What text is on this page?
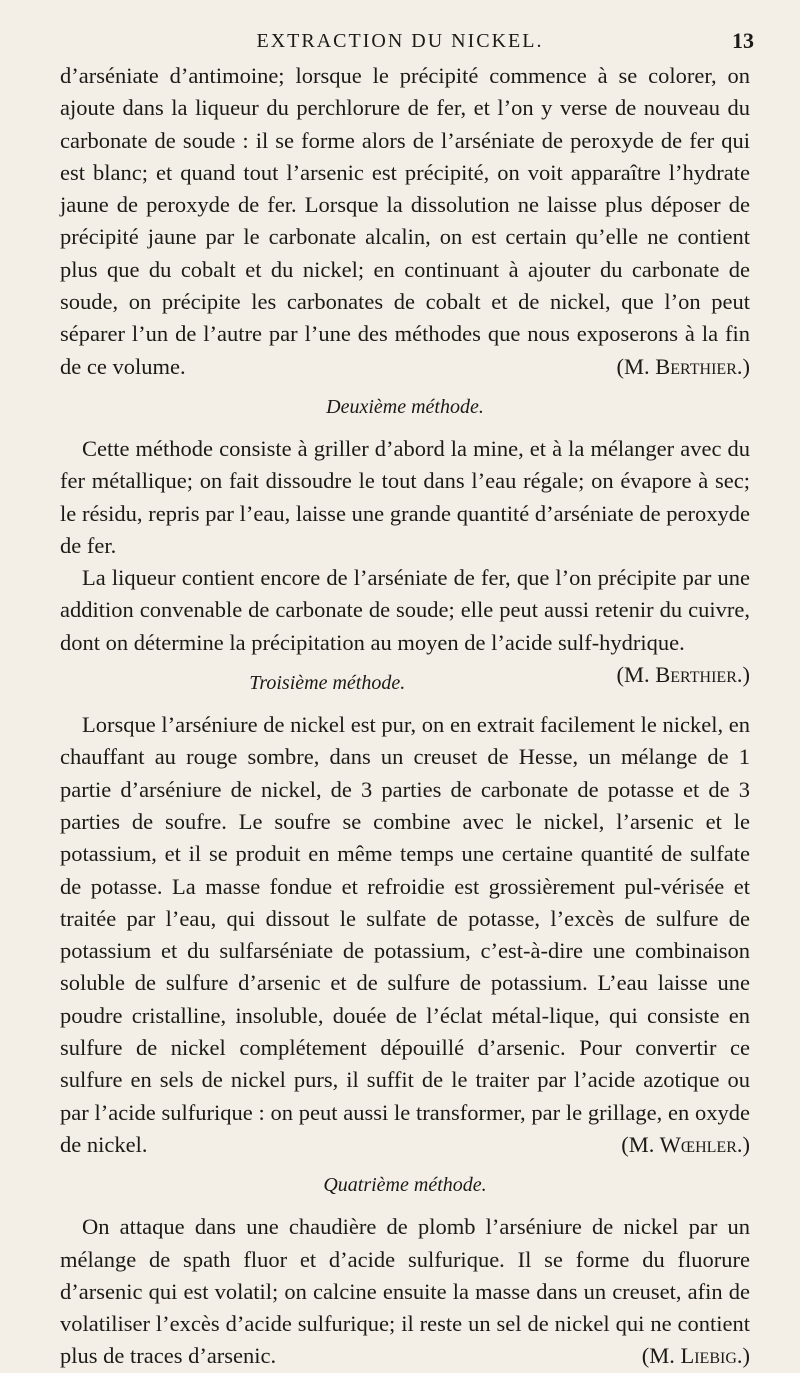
EXTRACTION DU NICKEL.	13

d’arséniate d’antimoine; lorsque le précipité commence à se colorer, on ajoute dans la liqueur du perchlorure de fer, et l’on y verse de nouveau du carbonate de soude : il se forme alors de l’arséniate de peroxyde de fer qui est blanc; et quand tout l’arsenic est précipité, on voit apparaître l’hydrate jaune de peroxyde de fer. Lorsque la dissolution ne laisse plus déposer de précipité jaune par le carbonate alcalin, on est certain qu’elle ne contient plus que du cobalt et du nickel; en continuant à ajouter du carbonate de soude, on précipite les carbonates de cobalt et de nickel, que l’on peut séparer l’un de l’autre par l’une des méthodes que nous exposerons à la fin de ce volume.	(M. Berthier.)

Deuxième méthode.

Cette méthode consiste à griller d’abord la mine, et à la mélanger avec du fer métallique; on fait dissoudre le tout dans l’eau régale; on évapore à sec; le résidu, repris par l’eau, laisse une grande quantité d’arséniate de peroxyde de fer.

La liqueur contient encore de l’arséniate de fer, que l’on précipite par une addition convenable de carbonate de soude; elle peut aussi retenir du cuivre, dont on détermine la précipitation au moyen de l’acide sulf-hydrique.
(M. Berthier.)

Troisième méthode.

Lorsque l’arséniure de nickel est pur, on en extrait facilement le nickel, en chauffant au rouge sombre, dans un creuset de Hesse, un mélange de 1 partie d’arséniure de nickel, de 3 parties de carbonate de potasse et de 3 parties de soufre. Le soufre se combine avec le nickel, l’arsenic et le potassium, et il se produit en même temps une certaine quantité de sulfate de potasse. La masse fondue et refroidie est grossièrement pul-vérisée et traitée par l’eau, qui dissout le sulfate de potasse, l’excès de sulfure de potassium et du sulfarséniate de potassium, c’est-à-dire une combinaison soluble de sulfure d’arsenic et de sulfure de potassium. L’eau laisse une poudre cristalline, insoluble, douée de l’éclat métal-lique, qui consiste en sulfure de nickel complétement dépouillé d’arsenic. Pour convertir ce sulfure en sels de nickel purs, il suffit de le traiter par l’acide azotique ou par l’acide sulfurique : on peut aussi le transformer, par le grillage, en oxyde de nickel.	(M. Wœhler.)

Quatrième méthode.

On attaque dans une chaudière de plomb l’arséniure de nickel par un mélange de spath fluor et d’acide sulfurique. Il se forme du fluorure d’arsenic qui est volatil; on calcine ensuite la masse dans un creuset, afin de volatiliser l’excès d’acide sulfurique; il reste un sel de nickel qui ne contient plus de traces d’arsenic.	(M. Liebig.)
